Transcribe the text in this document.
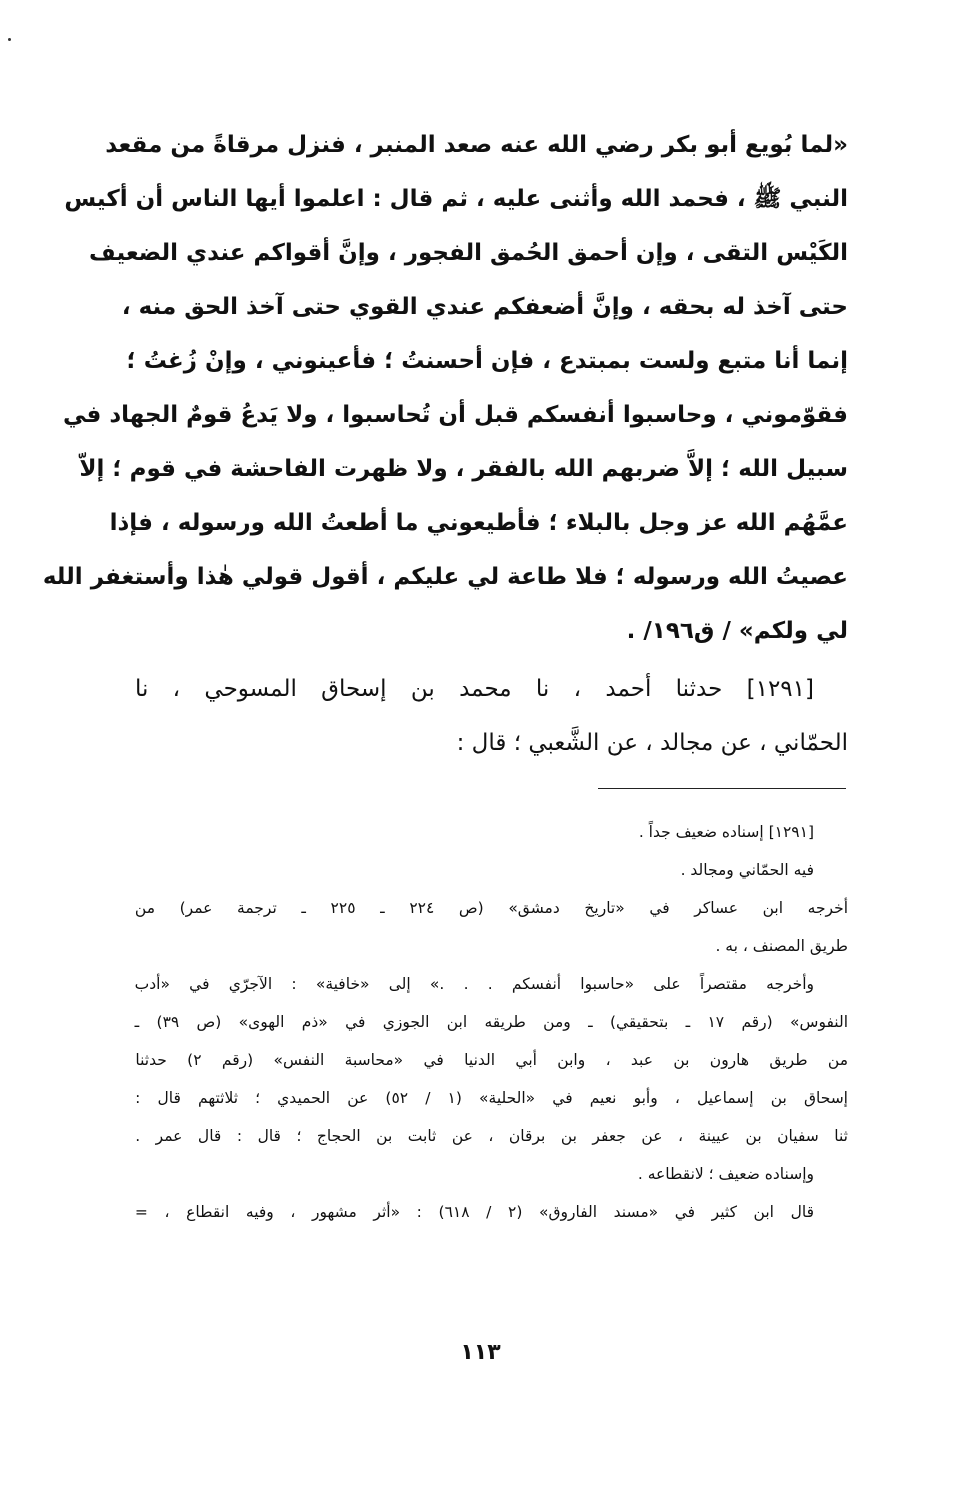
«لما بُويع أبو بكر رضي الله عنه صعد المنبر ، فنزل مرقاةً من مقعد
النبي ﷺ ، فحمد الله وأثنى عليه ، ثم قال : اعلموا أيها الناس أن أكيس
الكَيْس التقى ، وإن أحمق الحُمق الفجور ، وإنَّ أقواكم عندي الضعيف
حتى آخذ له بحقه ، وإنَّ أضعفكم عندي القوي حتى آخذ الحق منه ،
إنما أنا متبع ولست بمبتدع ، فإن أحسنتُ ؛ فأعينوني ، وإنْ زُغتُ ؛
فقوّموني ، وحاسبوا أنفسكم قبل أن تُحاسبوا ، ولا يَدعُ قومٌ الجهاد في
سبيل الله ؛ إلاَّ ضربهم الله بالفقر ، ولا ظهرت الفاحشة في قوم ؛ إلاّ
عمَّهُم الله عز وجل بالبلاء ؛ فأطيعوني ما أطعتُ الله ورسوله ، فإذا
عصيتُ الله ورسوله ؛ فلا طاعة لي عليكم ، أقول قولي هٰذا وأستغفر الله
لي ولكم» / ق١٩٦/ .
[١٢٩١] حدثنا أحمد ، نا محمد بن إسحاق المسوحي ، نا
الحمّاني ، عن مجالد ، عن الشَّعبي ؛ قال :
[١٢٩١] إسناده ضعيف جداً .
فيه الحمّاني ومجالد .
أخرجه ابن عساكر في «تاريخ دمشق» (ص ٢٢٤ ـ ٢٢٥ ـ ترجمة عمر) من
طريق المصنف ، به .
وأخرجه مقتصراً على «حاسبوا أنفسكم . . .» إلى «خافية» : الآجرّي في «أدب
النفوس» (رقم ١٧ ـ بتحقيقي) ـ ومن طريقه ابن الجوزي في «ذم الهوى» (ص ٣٩) ـ
من طريق هارون بن عبد ، وابن أبي الدنيا في «محاسبة النفس» (رقم ٢) حدثنا
إسحاق بن إسماعيل ، وأبو نعيم في «الحلية» (١ / ٥٢) عن الحميدي ؛ ثلاثتهم قال :
ثنا سفيان بن عيينة ، عن جعفر بن برقان ، عن ثابت بن الحجاج ؛ قال : قال عمر .
وإسناده ضعيف ؛ لانقطاعه .
قال ابن كثير في «مسند الفاروق» (٢ / ٦١٨) : «أثر مشهور ، وفيه انقطاع ، =
١١٣
